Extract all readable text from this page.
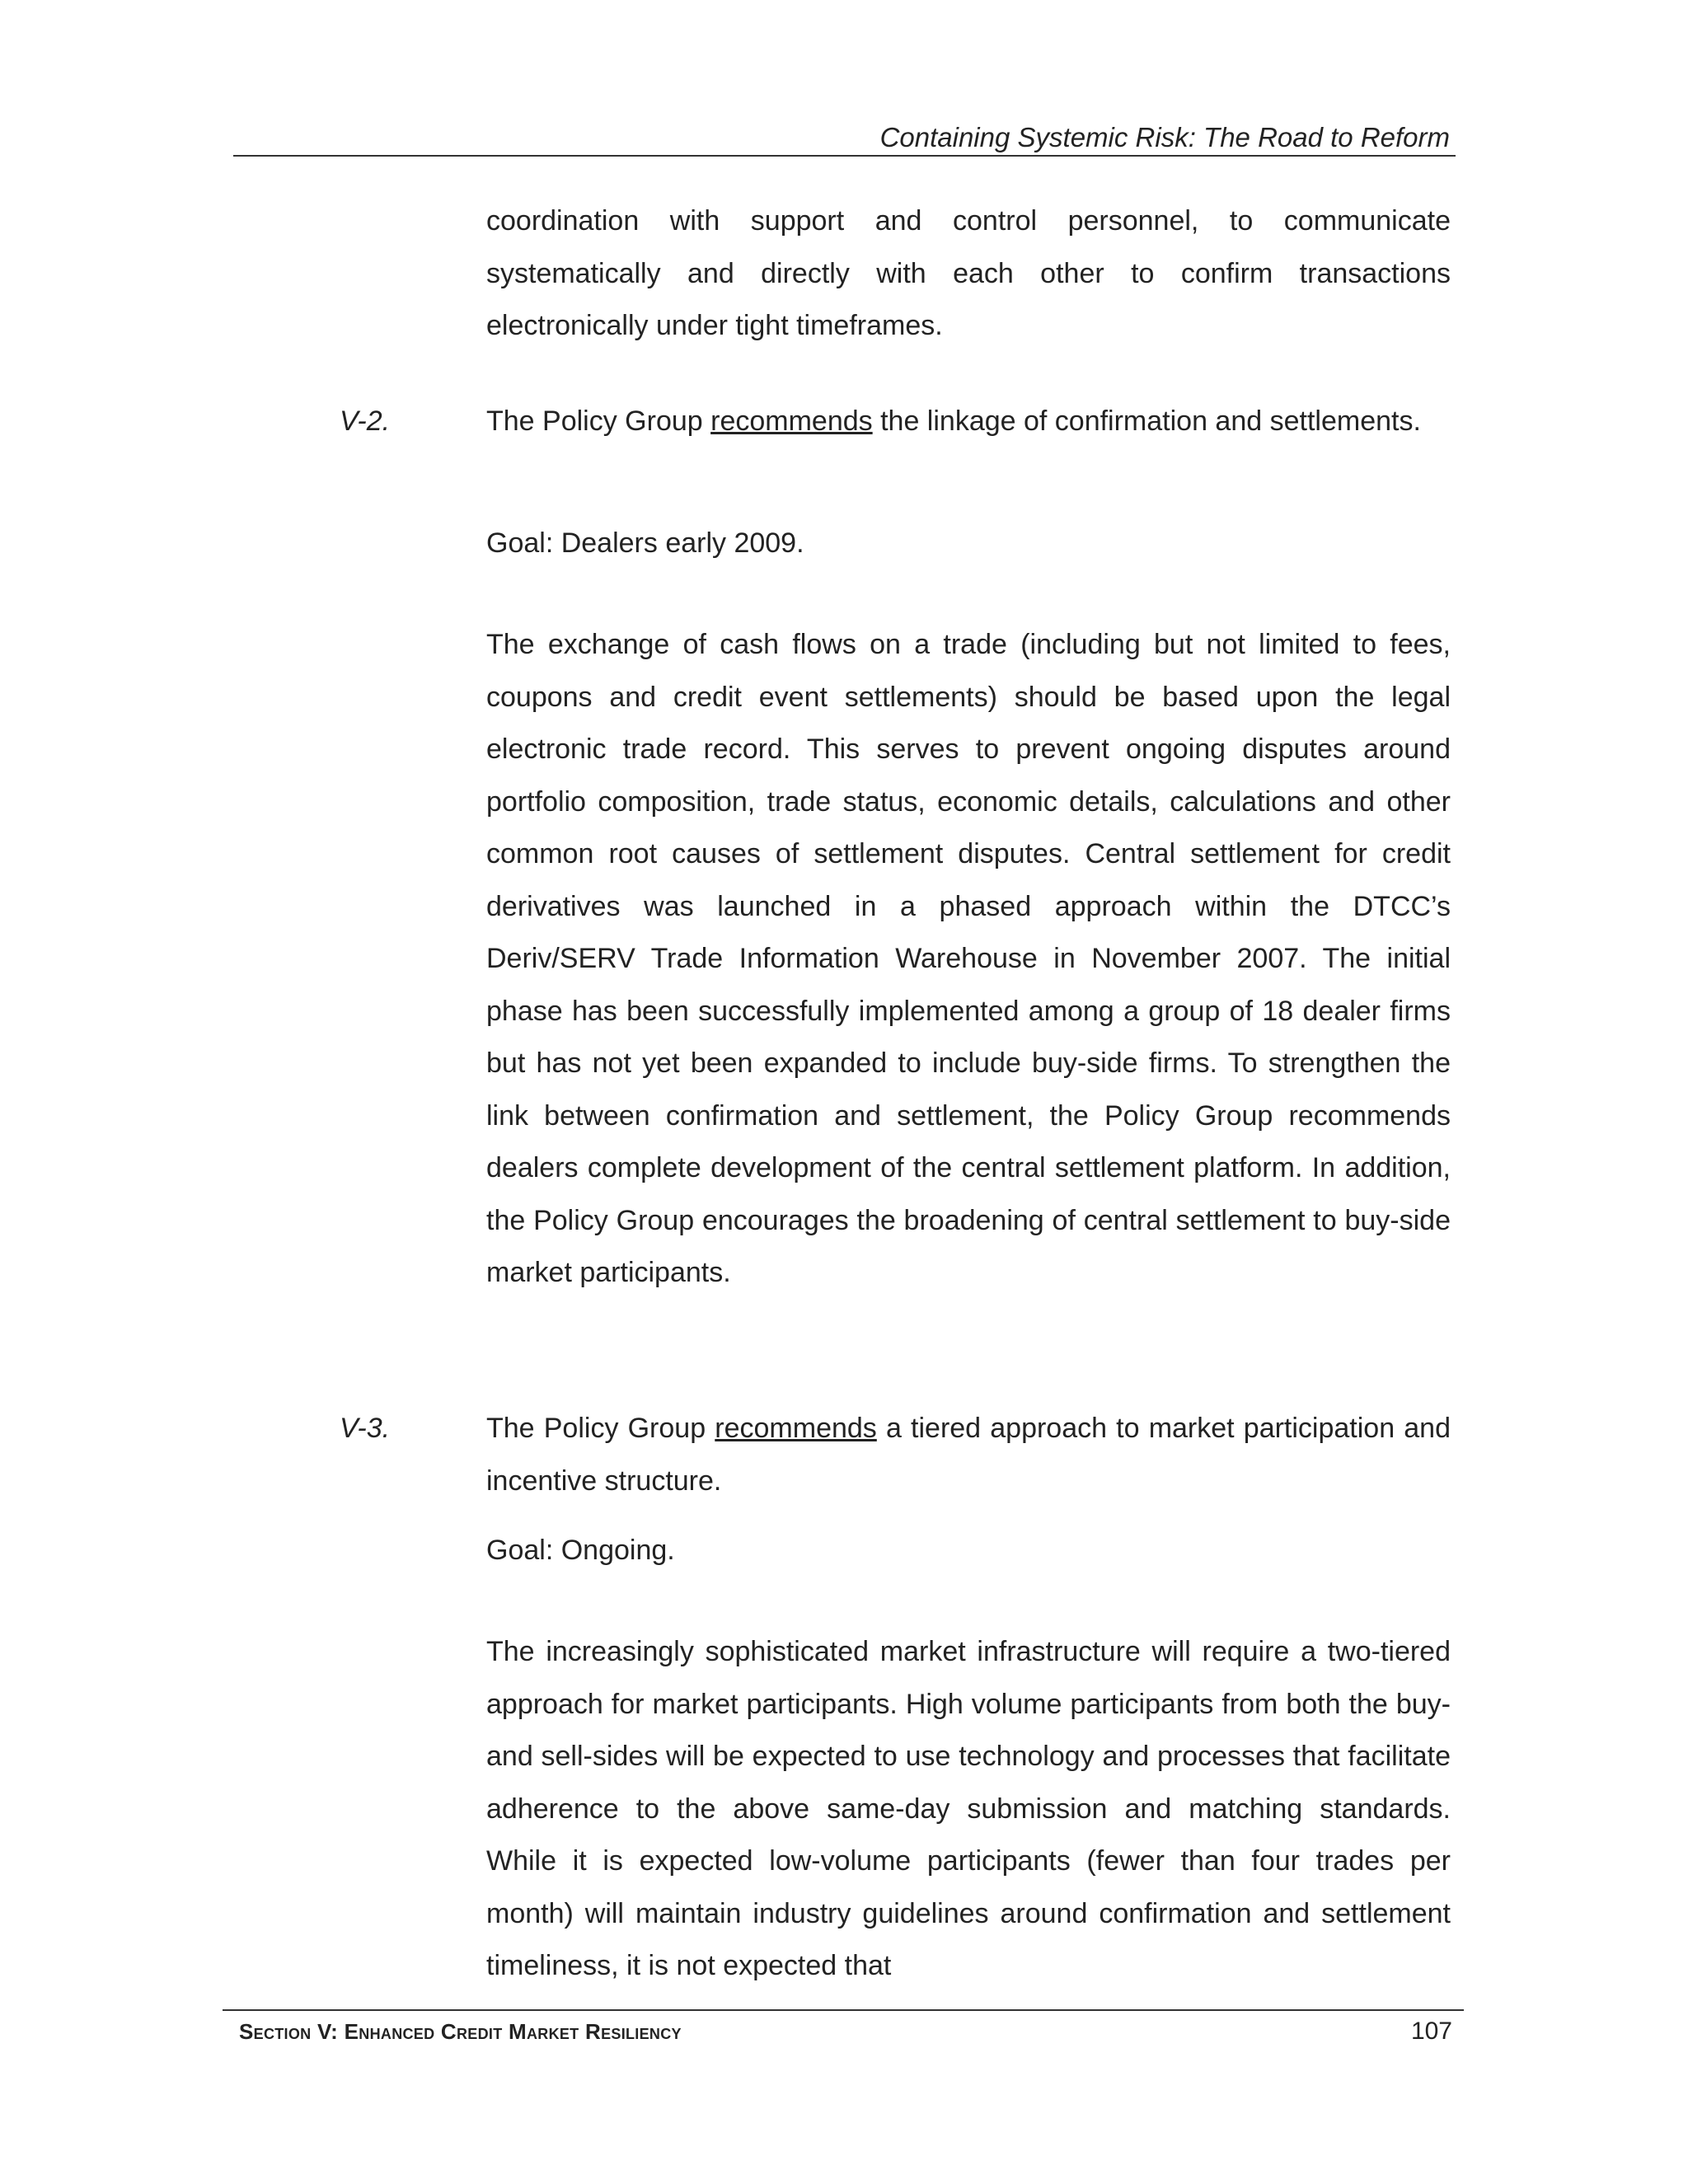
Containing Systemic Risk: The Road to Reform

coordination with support and control personnel, to communicate systematically and directly with each other to confirm transactions electronically under tight timeframes.

V-2.	The Policy Group recommends the linkage of confirmation and settlements.

Goal: Dealers early 2009.

The exchange of cash flows on a trade (including but not limited to fees, coupons and credit event settlements) should be based upon the legal electronic trade record. This serves to prevent ongoing disputes around portfolio composition, trade status, economic details, calculations and other common root causes of settlement disputes. Central settlement for credit derivatives was launched in a phased approach within the DTCC’s Deriv/SERV Trade Information Warehouse in November 2007. The initial phase has been successfully implemented among a group of 18 dealer firms but has not yet been expanded to include buy-side firms. To strengthen the link between confirmation and settlement, the Policy Group recommends dealers complete development of the central settlement platform. In addition, the Policy Group encourages the broadening of central settlement to buy-side market participants.

V-3.	The Policy Group recommends a tiered approach to market participation and incentive structure.

Goal: Ongoing.

The increasingly sophisticated market infrastructure will require a two-tiered approach for market participants. High volume participants from both the buy- and sell-sides will be expected to use technology and processes that facilitate adherence to the above same-day submission and matching standards. While it is expected low-volume participants (fewer than four trades per month) will maintain industry guidelines around confirmation and settlement timeliness, it is not expected that

Section V: Enhanced Credit Market Resiliency	107
